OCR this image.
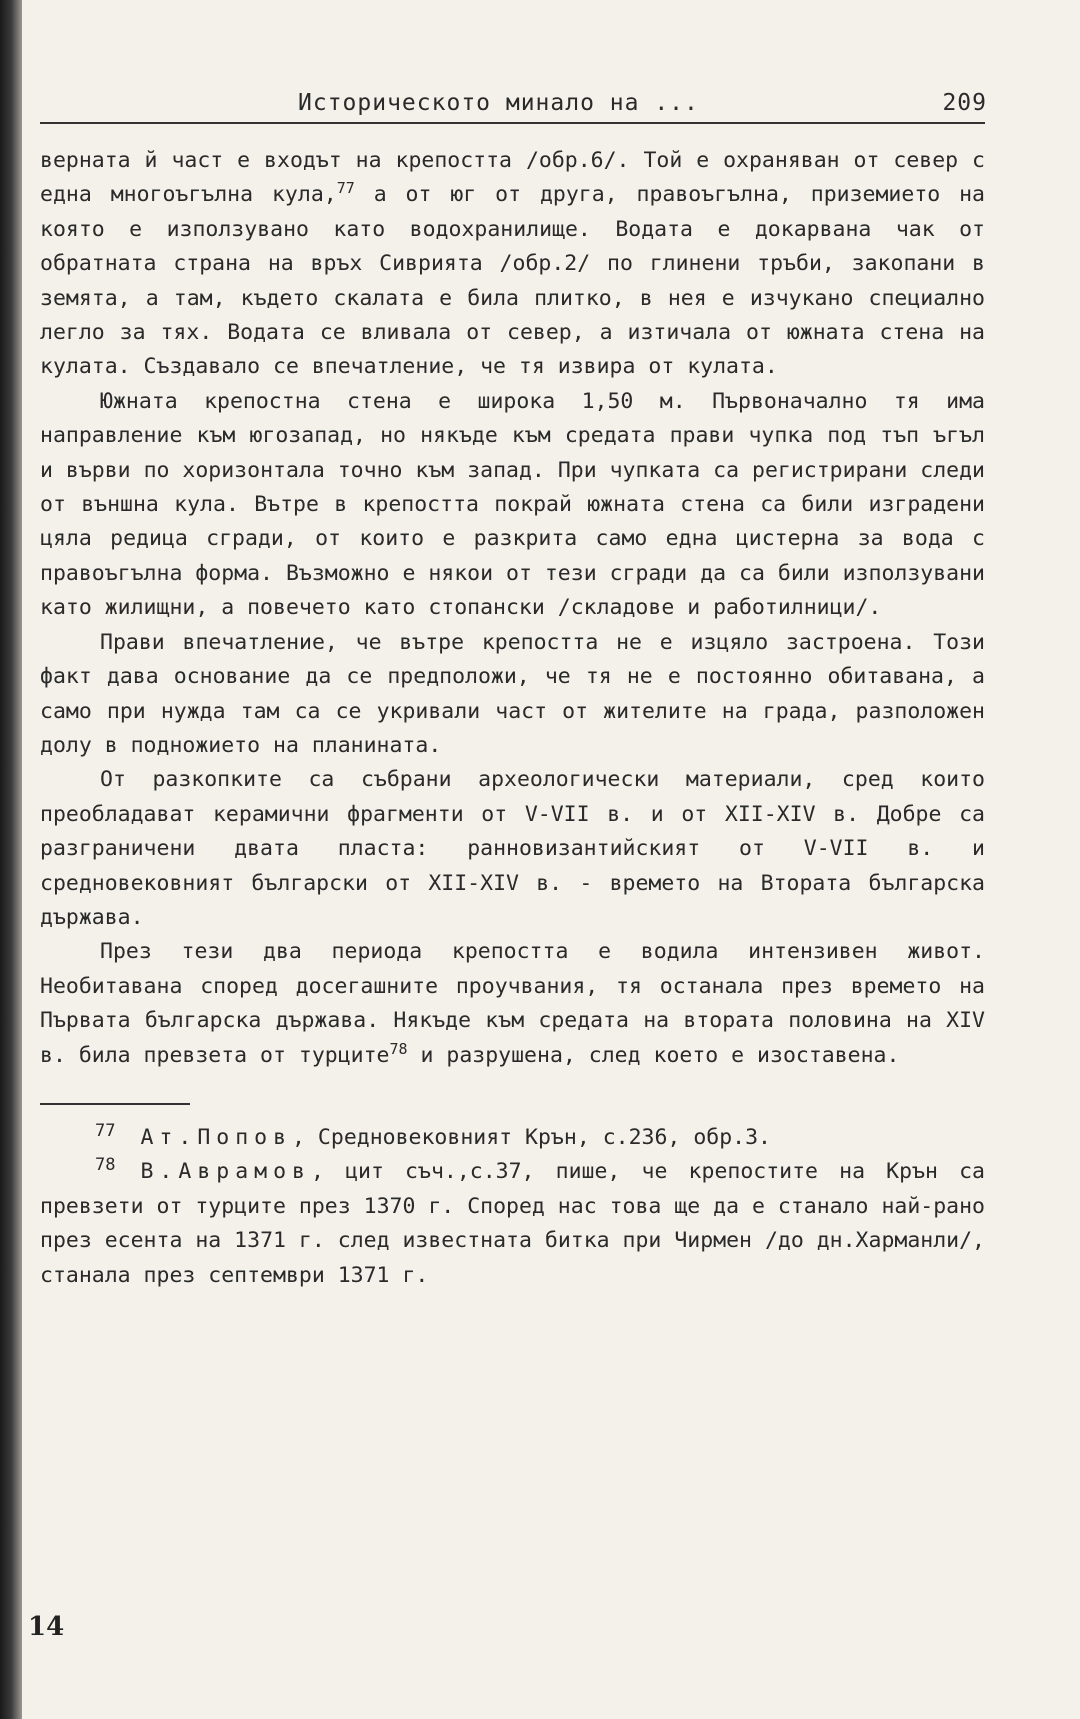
Историческото минало на ...	209

верната й част е входът на крепостта /обр.6/. Той е охраняван от север с една многоъгълна кула,$^{77}$ а от юг от друга, правоъгълна, приземието на която е използувано като водохранилище. Водата е докарвана чак от обратната страна на връх Сиврията /обр.2/ по глинени тръби, закопани в земята, а там, където скалата е била плитко, в нея е изчукано специално легло за тях. Водата се вливала от север, а изтичала от южната стена на кулата. Създавало се впечатление, че тя извира от кулата.

Южната крепостна стена е широка 1,50 м. Първоначално тя има направление към югозапад, но някъде към средата прави чупка под тъп ъгъл и върви по хоризонтала точно към запад. При чупката са регистрирани следи от външна кула. Вътре в крепостта покрай южната стена са били изградени цяла редица сгради, от които е разкрита само една цистерна за вода с правоъгълна форма. Възможно е някои от тези сгради да са били използувани като жилищни, а повечето като стопански /складове и работилници/.

Прави впечатление, че вътре крепостта не е изцяло застроена. Този факт дава основание да се предположи, че тя не е постоянно обитавана, а само при нужда там са се укривали част от жителите на града, разположен долу в подножието на планината.

От разкопките са събрани археологически материали, сред които преобладават керамични фрагменти от V-VII в. и от XII-XIV в. Добре са разграничени двата пласта: ранновизантийският от V-VII в. и средновековният български от XII-XIV в. - времето на Втората българска държава.

През тези два периода крепостта е водила интензивен живот. Необитавана според досегашните проучвания, тя останала през времето на Първата българска държава. Някъде към средата на втората половина на XIV в. била превзета от турците$^{78}$ и разрушена, след което е изоставена.

$^{77}$ Ат.Попов, Средновековният Крън, с.236, обр.3.

$^{78}$ В.Аврамов, цит съч.,с.37, пише, че крепостите на Крън са превзети от турците през 1370 г. Според нас това ще да е станало най-рано през есента на 1371 г. след известната битка при Чирмен /до дн.Харманли/, станала през септември 1371 г.

14
